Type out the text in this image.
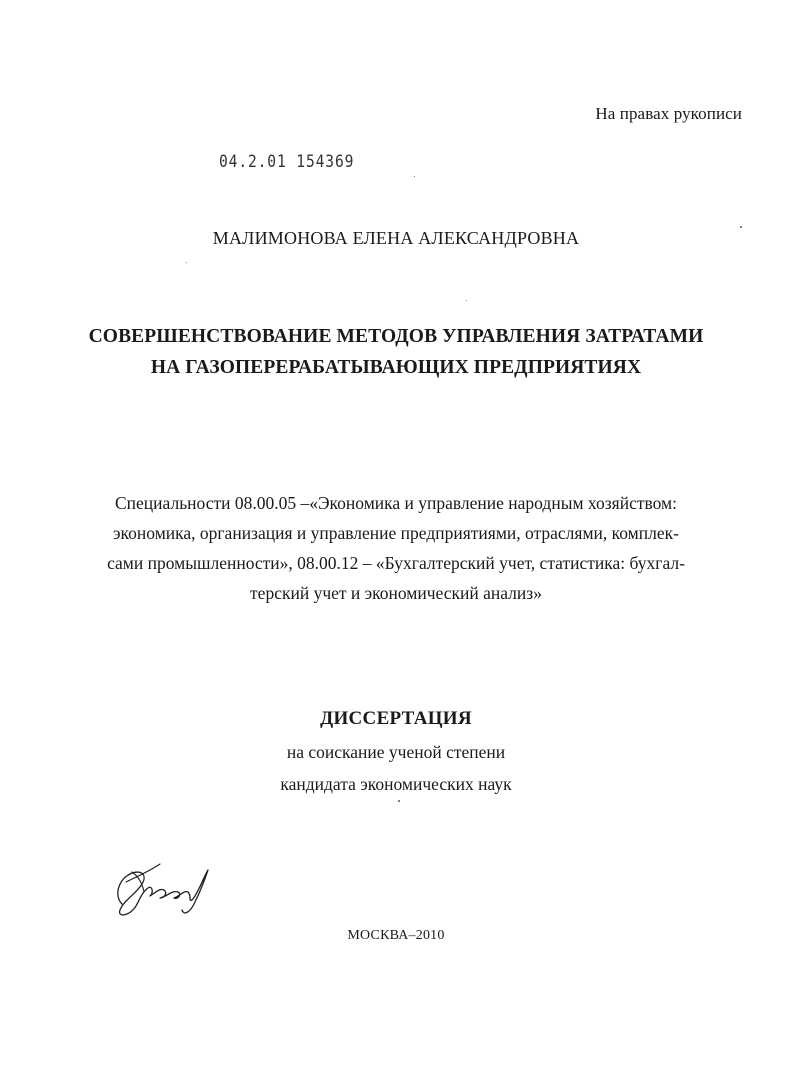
На правах рукописи
04.2.01 154369
МАЛИМОНОВА ЕЛЕНА АЛЕКСАНДРОВНА
СОВЕРШЕНСТВОВАНИЕ МЕТОДОВ УПРАВЛЕНИЯ ЗАТРАТАМИ
НА ГАЗОПЕРЕРАБАТЫВАЮЩИХ ПРЕДПРИЯТИЯХ
Специальности 08.00.05 –«Экономика и управление народным хозяйством:
экономика, организация и управление предприятиями, отраслями, комплек-
сами промышленности», 08.00.12 – «Бухгалтерский учет, статистика: бухгал-
терский учет и экономический анализ»
ДИССЕРТАЦИЯ
на соискание ученой степени
кандидата экономических наук
МОСКВА–2010
